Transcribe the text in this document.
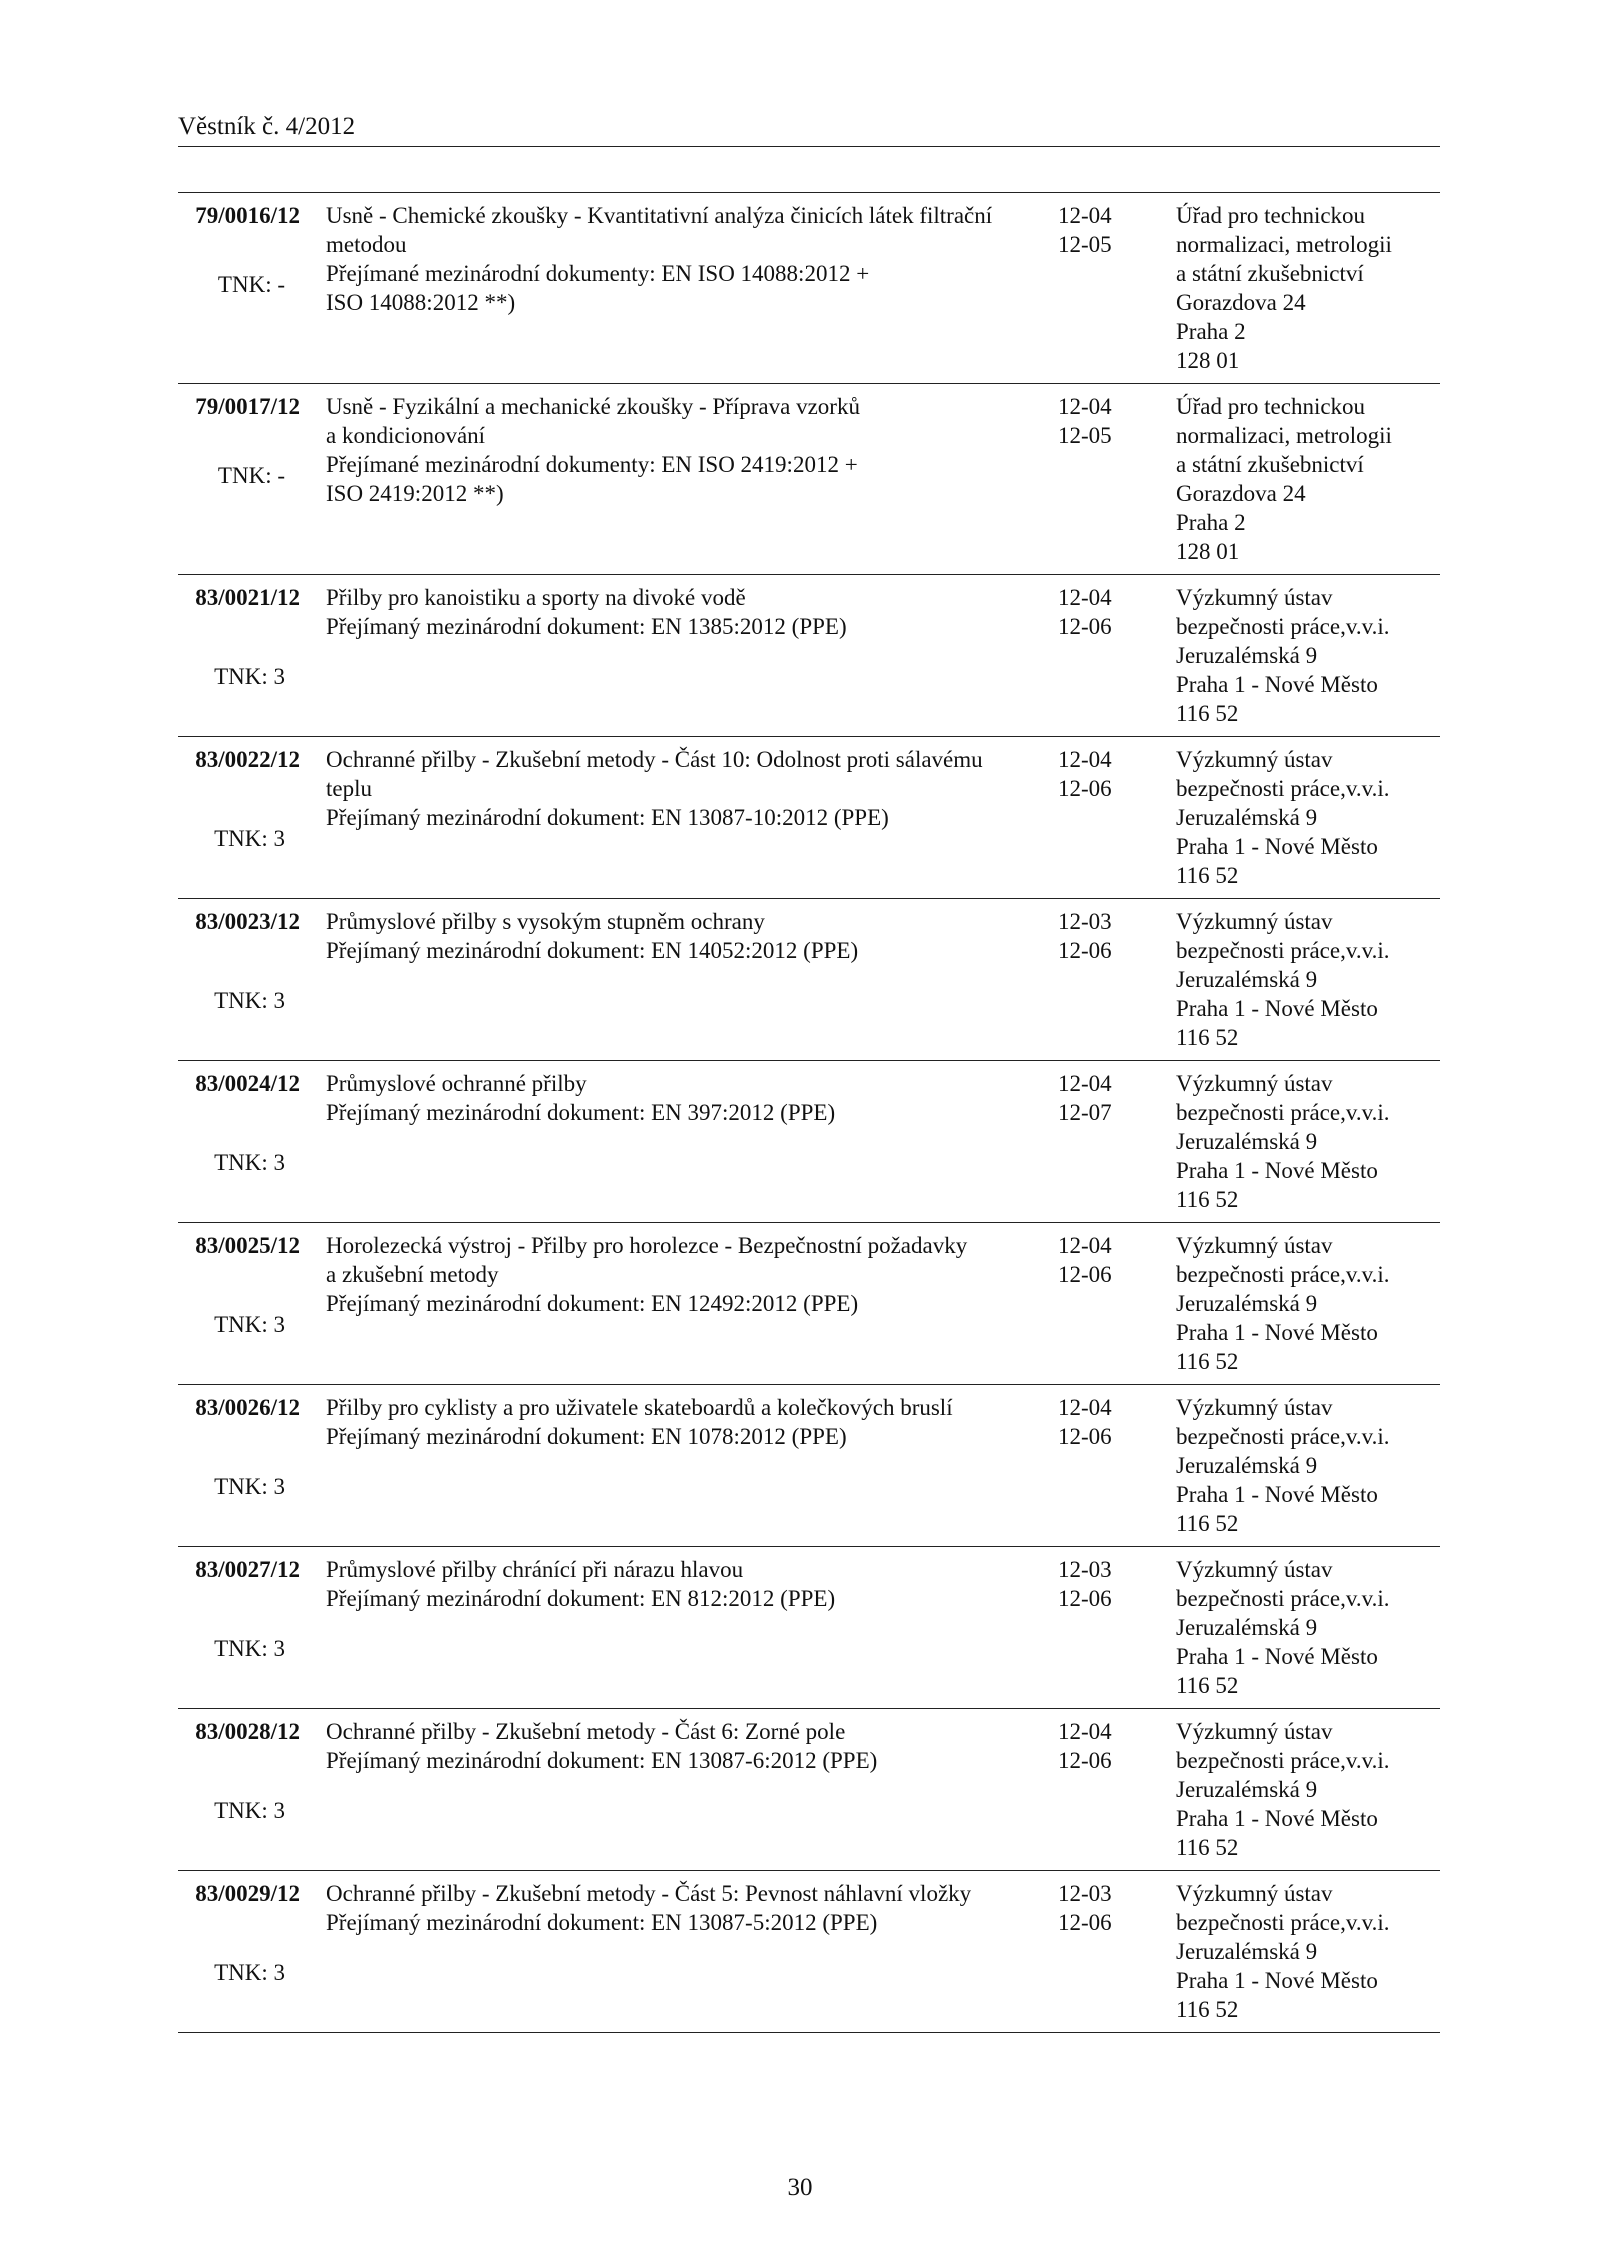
Věstník č. 4/2012
79/0016/12
TNK: -
Usně - Chemické zkoušky - Kvantitativní analýza činicích látek filtrační
metodou
Přejímané mezinárodní dokumenty: EN ISO 14088:2012 +
ISO 14088:2012 **)
12-04
12-05
Úřad pro technickou
normalizaci, metrologii
a státní zkušebnictví
Gorazdova 24
Praha 2
128 01
79/0017/12
TNK: -
Usně - Fyzikální a mechanické zkoušky - Příprava vzorků
a kondicionování
Přejímané mezinárodní dokumenty: EN ISO 2419:2012 +
ISO 2419:2012 **)
12-04
12-05
Úřad pro technickou
normalizaci, metrologii
a státní zkušebnictví
Gorazdova 24
Praha 2
128 01
83/0021/12
TNK: 3
Přilby pro kanoistiku a sporty na divoké vodě
Přejímaný mezinárodní dokument: EN 1385:2012 (PPE)
12-04
12-06
Výzkumný ústav
bezpečnosti práce,v.v.i.
Jeruzalémská 9
Praha 1 - Nové Město
116 52
83/0022/12
TNK: 3
Ochranné přilby - Zkušební metody - Část 10: Odolnost proti sálavému
teplu
Přejímaný mezinárodní dokument: EN 13087-10:2012 (PPE)
12-04
12-06
Výzkumný ústav
bezpečnosti práce,v.v.i.
Jeruzalémská 9
Praha 1 - Nové Město
116 52
83/0023/12
TNK: 3
Průmyslové přilby s vysokým stupněm ochrany
Přejímaný mezinárodní dokument: EN 14052:2012 (PPE)
12-03
12-06
Výzkumný ústav
bezpečnosti práce,v.v.i.
Jeruzalémská 9
Praha 1 - Nové Město
116 52
83/0024/12
TNK: 3
Průmyslové ochranné přilby
Přejímaný mezinárodní dokument: EN 397:2012 (PPE)
12-04
12-07
Výzkumný ústav
bezpečnosti práce,v.v.i.
Jeruzalémská 9
Praha 1 - Nové Město
116 52
83/0025/12
TNK: 3
Horolezecká výstroj - Přilby pro horolezce - Bezpečnostní požadavky
a zkušební metody
Přejímaný mezinárodní dokument: EN 12492:2012 (PPE)
12-04
12-06
Výzkumný ústav
bezpečnosti práce,v.v.i.
Jeruzalémská 9
Praha 1 - Nové Město
116 52
83/0026/12
TNK: 3
Přilby pro cyklisty a pro uživatele skateboardů a kolečkových bruslí
Přejímaný mezinárodní dokument: EN 1078:2012 (PPE)
12-04
12-06
Výzkumný ústav
bezpečnosti práce,v.v.i.
Jeruzalémská 9
Praha 1 - Nové Město
116 52
83/0027/12
TNK: 3
Průmyslové přilby chránící při nárazu hlavou
Přejímaný mezinárodní dokument: EN 812:2012 (PPE)
12-03
12-06
Výzkumný ústav
bezpečnosti práce,v.v.i.
Jeruzalémská 9
Praha 1 - Nové Město
116 52
83/0028/12
TNK: 3
Ochranné přilby - Zkušební metody - Část 6: Zorné pole
Přejímaný mezinárodní dokument: EN 13087-6:2012 (PPE)
12-04
12-06
Výzkumný ústav
bezpečnosti práce,v.v.i.
Jeruzalémská 9
Praha 1 - Nové Město
116 52
83/0029/12
TNK: 3
Ochranné přilby - Zkušební metody - Část 5: Pevnost náhlavní vložky
Přejímaný mezinárodní dokument: EN 13087-5:2012 (PPE)
12-03
12-06
Výzkumný ústav
bezpečnosti práce,v.v.i.
Jeruzalémská 9
Praha 1 - Nové Město
116 52
30
